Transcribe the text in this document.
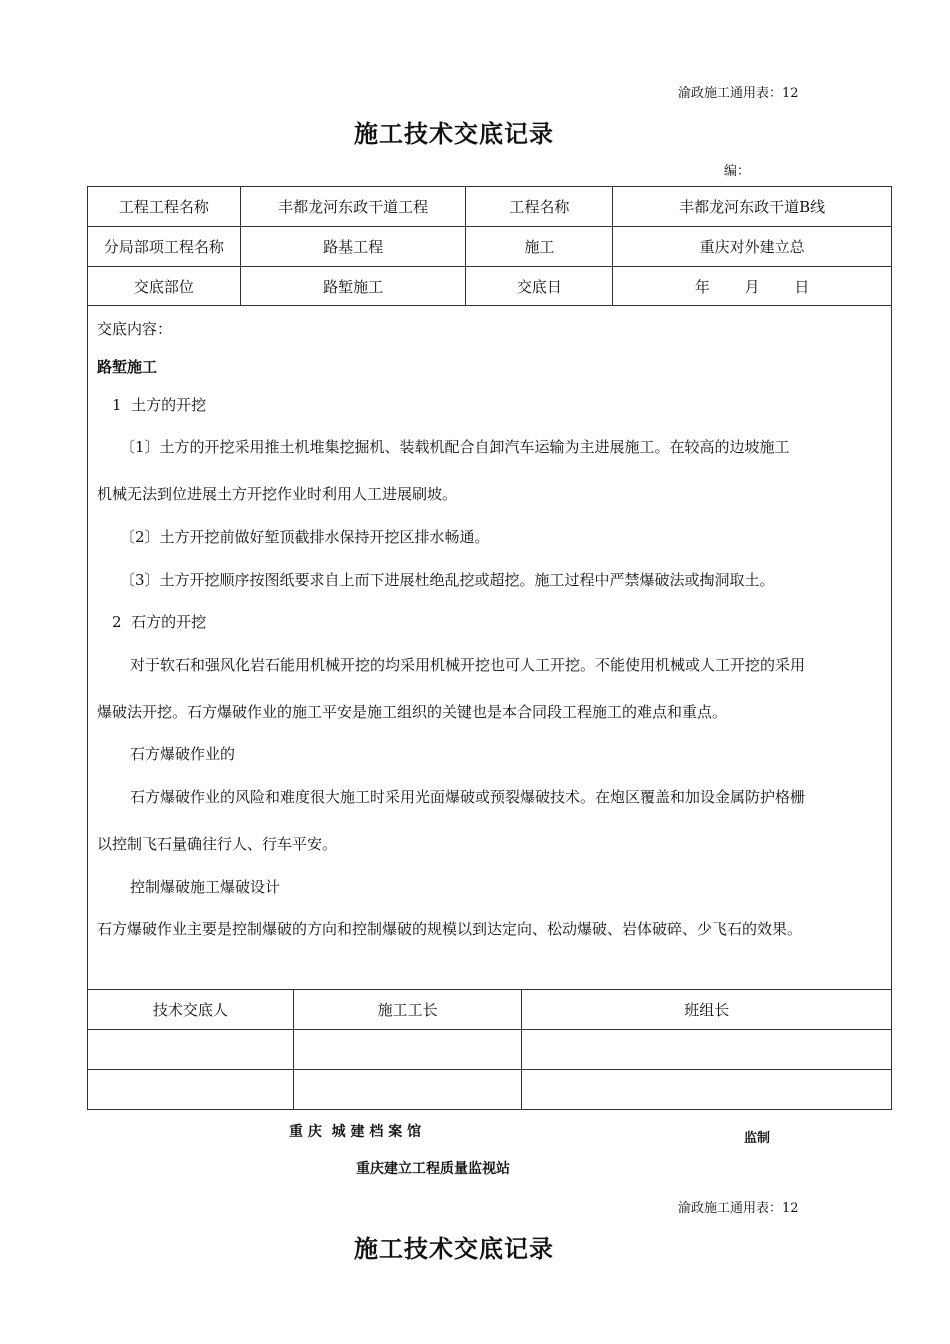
渝政施工通用表：12
施工技术交底记录
编：
工程工程名称	丰都龙河东政干道工程	工程名称	丰都龙河东政干道B线
分局部项工程名称	路基工程	施工	重庆对外建立总
交底部位	路堑施工	交底日	年　　 月　　 日
交底内容：
路堑施工
1  土方的开挖
〔1〕土方的开挖采用推土机堆集挖掘机、装载机配合自卸汽车运输为主进展施工。在较高的边坡施工
机械无法到位进展土方开挖作业时利用人工进展刷坡。
〔2〕土方开挖前做好堑顶截排水保持开挖区排水畅通。
〔3〕土方开挖顺序按图纸要求自上而下进展杜绝乱挖或超挖。施工过程中严禁爆破法或掏洞取土。
2  石方的开挖
对于软石和强风化岩石能用机械开挖的均采用机械开挖也可人工开挖。不能使用机械或人工开挖的采用
爆破法开挖。石方爆破作业的施工平安是施工组织的关键也是本合同段工程施工的难点和重点。
石方爆破作业的
石方爆破作业的风险和难度很大施工时采用光面爆破或预裂爆破技术。在炮区覆盖和加设金属防护格栅
以控制飞石量确往行人、行车平安。
控制爆破施工爆破设计
石方爆破作业主要是控制爆破的方向和控制爆破的规模以到达定向、松动爆破、岩体破碎、少飞石的效果。
技术交底人	施工工长	班组长

重 庆  城 建 档 案 馆	监制
重庆建立工程质量监视站
渝政施工通用表：12
施工技术交底记录
